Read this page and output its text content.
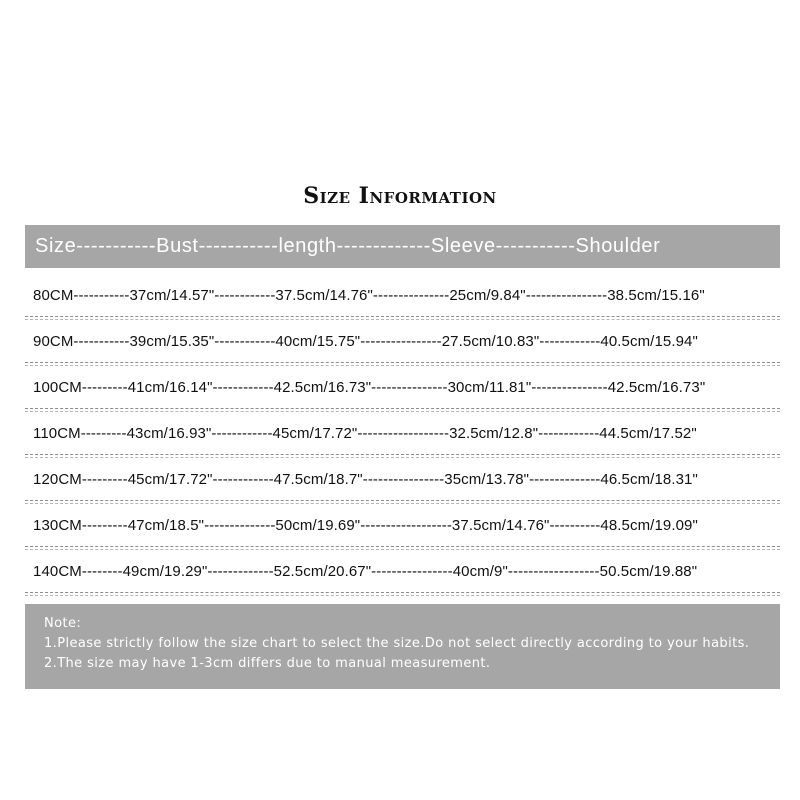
Size Information
Size-----------Bust-----------length-------------Sleeve-----------Shoulder
80CM-----------37cm/14.57"------------37.5cm/14.76"---------------25cm/9.84"----------------38.5cm/15.16"
90CM-----------39cm/15.35"------------40cm/15.75"----------------27.5cm/10.83"------------40.5cm/15.94"
100CM---------41cm/16.14"------------42.5cm/16.73"---------------30cm/11.81"---------------42.5cm/16.73"
110CM---------43cm/16.93"------------45cm/17.72"------------------32.5cm/12.8"------------44.5cm/17.52"
120CM---------45cm/17.72"------------47.5cm/18.7"----------------35cm/13.78"--------------46.5cm/18.31"
130CM---------47cm/18.5"--------------50cm/19.69"------------------37.5cm/14.76"----------48.5cm/19.09"
140CM--------49cm/19.29"-------------52.5cm/20.67"----------------40cm/9"------------------50.5cm/19.88"
Note:
1.Please strictly follow the size chart to select the size.Do not select directly according to your habits.
2.The size may have 1-3cm differs due to manual measurement.
